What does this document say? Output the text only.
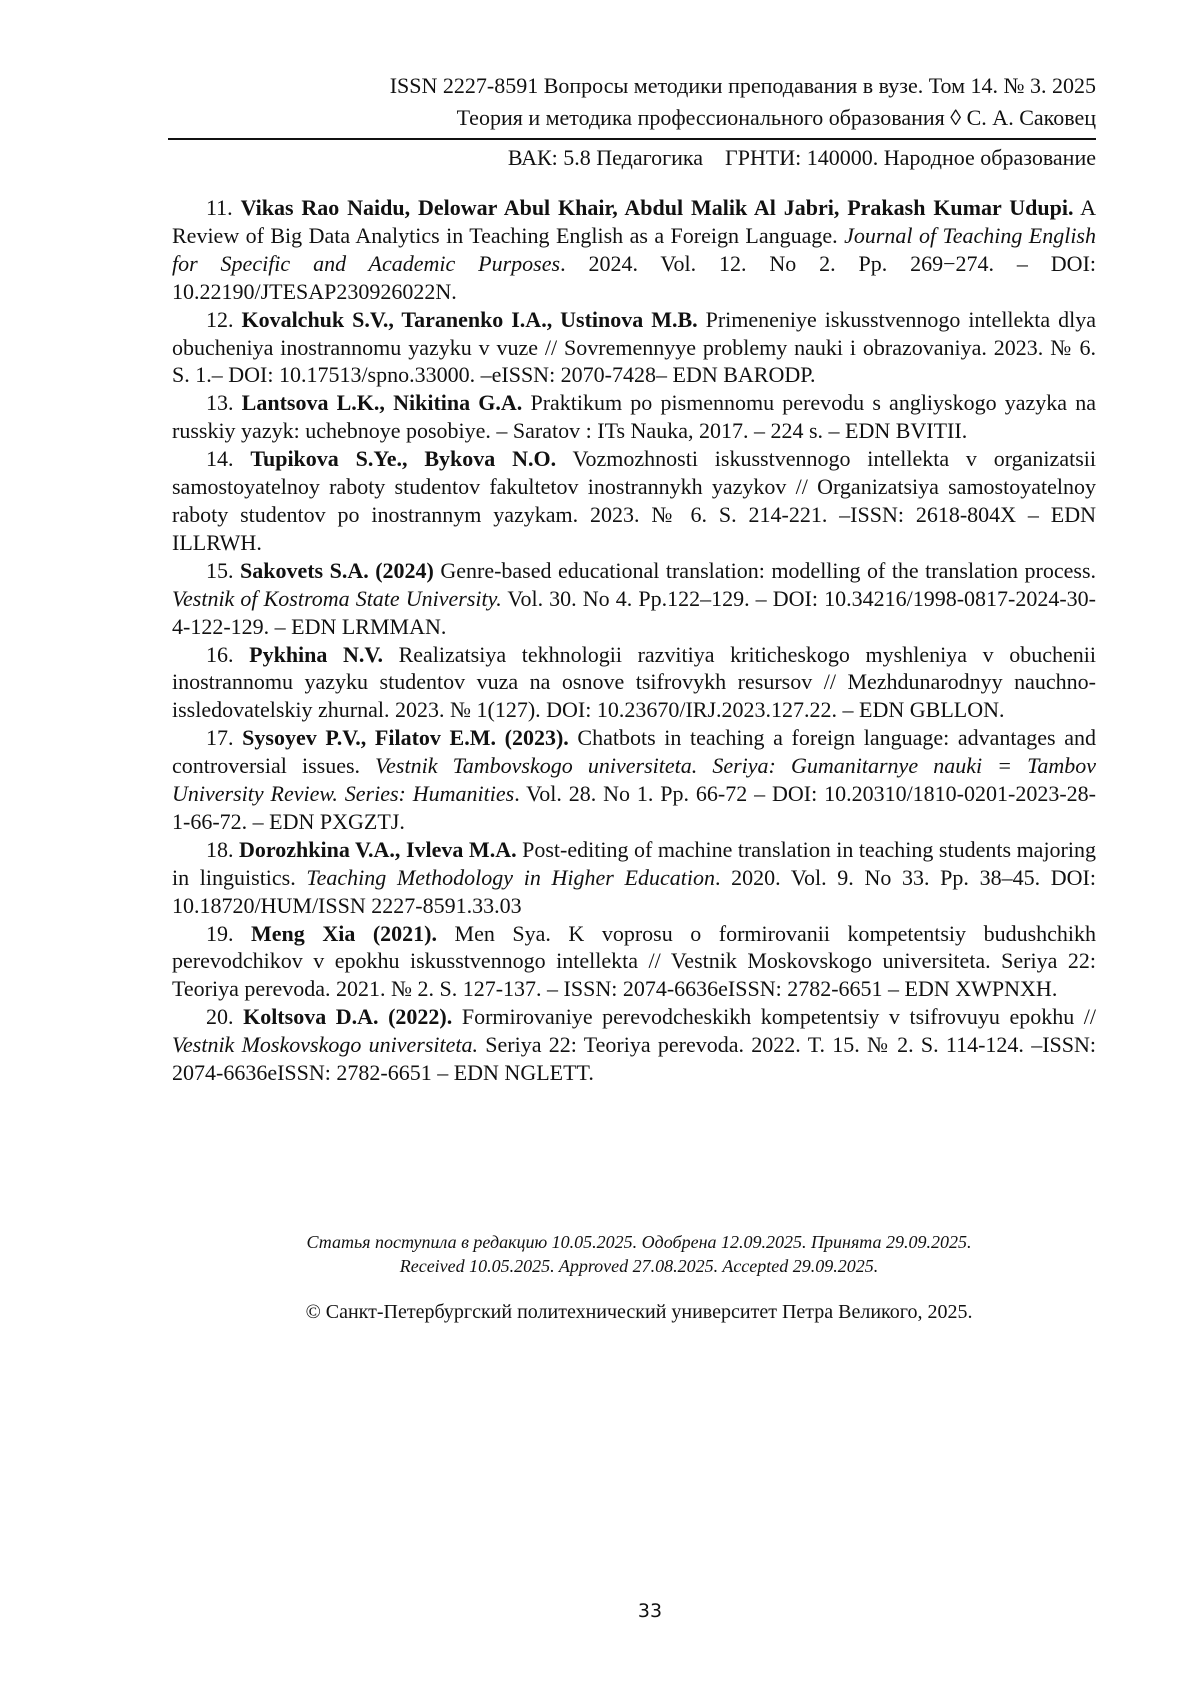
ISSN 2227-8591 Вопросы методики преподавания в вузе. Том 14. № 3. 2025
Теория и методика профессионального образования ◊ С. А. Саковец
ВАК: 5.8 Педагогика ГРНТИ: 140000. Народное образование

11. Vikas Rao Naidu, Delowar Abul Khair, Abdul Malik Al Jabri, Prakash Kumar Udupi. A Review of Big Data Analytics in Teaching English as a Foreign Language. Journal of Teaching English for Specific and Academic Purposes. 2024. Vol. 12. No 2. Pp. 269−274. – DOI: 10.22190/JTESAP230926022N.

12. Kovalchuk S.V., Taranenko I.A., Ustinova M.B. Primeneniye iskusstvennogo intellekta dlya obucheniya inostrannomu yazyku v vuze // Sovremennyye problemy nauki i obrazovaniya. 2023. № 6. S. 1.– DOI: 10.17513/spno.33000. –eISSN: 2070-7428– EDN BARODP.

13. Lantsova L.K., Nikitina G.A. Praktikum po pismennomu perevodu s angliyskogo yazyka na russkiy yazyk: uchebnoye posobiye. – Saratov : ITs Nauka, 2017. – 224 s. – EDN BVITII.

14. Tupikova S.Ye., Bykova N.O. Vozmozhnosti iskusstvennogo intellekta v organizatsii samostoyatelnoy raboty studentov fakultetov inostrannykh yazykov // Organizatsiya samostoyatelnoy raboty studentov po inostrannym yazykam. 2023. № 6. S. 214-221. –ISSN: 2618-804X – EDN ILLRWH.

15. Sakovets S.A. (2024) Genre-based educational translation: modelling of the translation process. Vestnik of Kostroma State University. Vol. 30. No 4. Pp.122–129. – DOI: 10.34216/1998-0817-2024-30-4-122-129. – EDN LRMMAN.

16. Pykhina N.V. Realizatsiya tekhnologii razvitiya kriticheskogo myshleniya v obuchenii inostrannomu yazyku studentov vuza na osnove tsifrovykh resursov // Mezhdunarodnyy nauchno-issledovatelskiy zhurnal. 2023. № 1(127). DOI: 10.23670/IRJ.2023.127.22. – EDN GBLLON.

17. Sysoyev P.V., Filatov E.M. (2023). Chatbots in teaching a foreign language: advantages and controversial issues. Vestnik Tambovskogo universiteta. Seriya: Gumanitarnye nauki = Tambov University Review. Series: Humanities. Vol. 28. No 1. Pp. 66-72 – DOI: 10.20310/1810-0201-2023-28-1-66-72. – EDN PXGZTJ.

18. Dorozhkina V.A., Ivleva M.A. Post-editing of machine translation in teaching students majoring in linguistics. Teaching Methodology in Higher Education. 2020. Vol. 9. No 33. Pp. 38–45. DOI: 10.18720/HUM/ISSN 2227-8591.33.03

19. Meng Xia (2021). Men Sya. K voprosu o formirovanii kompetentsiy budushchikh perevodchikov v epokhu iskusstvennogo intellekta // Vestnik Moskovskogo universiteta. Seriya 22: Teoriya perevoda. 2021. № 2. S. 127-137. – ISSN: 2074-6636eISSN: 2782-6651 – EDN XWPNXH.

20. Koltsova D.A. (2022). Formirovaniye perevodcheskikh kompetentsiy v tsifrovuyu epokhu // Vestnik Moskovskogo universiteta. Seriya 22: Teoriya perevoda. 2022. T. 15. № 2. S. 114-124. –ISSN: 2074-6636eISSN: 2782-6651 – EDN NGLETT.

Статья поступила в редакцию 10.05.2025. Одобрена 12.09.2025. Принята 29.09.2025.
Received 10.05.2025. Approved 27.08.2025. Accepted 29.09.2025.
© Санкт-Петербургский политехнический университет Петра Великого, 2025.
33
